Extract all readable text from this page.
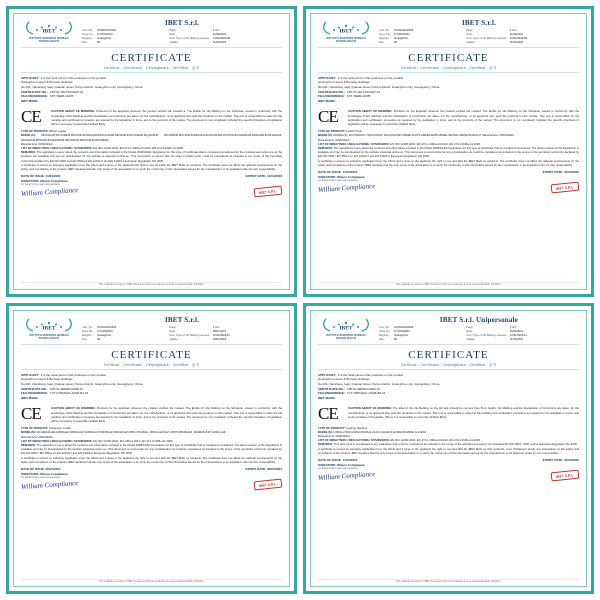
IBET
ISTITUTO EUROPEO BUREAU TECNOLOGICO
IBET S.r.l.
Cert. No.: IC/2024/GZ/001	Page:	1 of 1
Issue No.: F.V.001/2021	Date:	11/04/2021
Registry:	Guangzhou	Cert. Type of CE Marking request: 12/31/2021/08
Rev.:	00	Validity:	11/04/2022
CERTIFICATE
Certificat - Certificado - Cerpwqbkare - Zertifikat - 证书
APPLICANT: it is the local person that produces on the product
Guangzhou Laurel & Bonway Holdings
No.021, Nansheng road, Quanan street, Panyu district, Guangzhou city, Guangdong, China.
CERTIFICATE NO.: CRT/IC-00173/C0046-01
FILE REFERENCE: FST-TEEB-11005
IBET MARK:
CE	CAUTION ABOUT CE MARKING: Products for the applicant whereon the product verified CE marked is. The Entitle for CE Marking on the Schedule, issued in conformity with the knowledge of EC Marking and EC Declaration of Conformity are taken, for the manufacturer, or its applicant who puts the products on the market. This one is responsible to state the CE marking and certification procedure as required by the legislation in force, and to the products of the parties. The document is not completely included the specific directives of legislation will be necessary to prescribe Notified Body.
TYPE OF PRODUCT: Wheel Loader
MODEL(S): MD1312LB,MC1318LB,MD1204LB,MH1002LB,MC1312LB,MD1118LB,MT1010LB,MQ1100LB; MD1308LB,MC1302LB,MD1010LB,MS1200LB,MT1001LB,MH1182LB,MW1200LB,MK1000LB; MD2200LB,MP1000LB,ME1040LB,MR1004LB,MD1303LB,MK1008LB
Manufacturer 2006/42/EC
LIST OF DIRECTIVES / REGULATIONS / STANDARDS: EN ISO 12100:2010; EN 474-1:2006+A4:2013; EN 474-3:2006+A1:2006
REMARKS: The applicant is every about the contents and information included in the Model 2008/42/EC Regulation for this type of Certificate that is completed considered for the products and reference as the products are available and can be downloaded for the website at www.ibet-online.eu. This information is served also for other a written-order could be considered as included in the scope of the permitted conformity declared by EN ISO 9001 and EN 45011-2 EN 12100-2 and EN 61000-2 European Regulation NO 2006.
A certificate is issued on voluntary application from the Client and it gives to the applicant the right to use and affix the IBET Mark on products. The certificate does not affect the national requirements on the safety and compliance of the product. IBET declares that the only scope of the association is to verify the conformity of this information issued for the manufacturer or its applicant under its own responsibility.
DATE OF ISSUE: 11/04/2021	EXPIRY DATE: 11/04/2022
SIGNATURE: Misura Compliance
On behalf of the Legal representative
William Compliance	IBET S.R.L.
This certificate is property of IBET Srl and any kind of reproduction is to be considered strictly forbidden.
IBET
ISTITUTO EUROPEO BUREAU TECNOLOGICO
IBET S.r.l.
Cert. No.: IC/2024/GZ/002	Page:	1 of 1
Issue No.: F.V.002/2021	Date:	11/04/2021
Registry:	Guangzhou	Cert. Type of CE Marking request: 12/31/2021/09
Rev.:	00	Validity:	11/04/2022
CERTIFICATE
Certificat - Certificado - Cerpwqbkare - Zertifikat - 证书
APPLICANT: it is the local person that produces on the product
Guangzhou Laurel & Bonway Holdings
No.021, Nansheng road, Quanan street, Panyu district, Guangzhou city, Guangdong, China.
CERTIFICATE NO.: CRT/IC-00174/C0047-01
FILE REFERENCE: FST-TEEB-11005
IBET MARK:
CE	CAUTION ABOUT CE MARKING: Products for the applicant whereon the product verified CE marked. The Entitle for CE Marking on the Schedule, issued in conformity with the knowledge of EC Marking and EC Declaration of Conformity are taken, for the manufacturer, or its applicant who puts the products on the market. This one is responsible for the application and certification procedure as required by the legislation in force, and to the products of the parties. The document is not completely included the specific directives of legislation will be necessary to prescribe Notified Body.
TYPE OF PRODUCT: Forklift Truck
MODEL(S): MODEL(S): MOTORHOLY MK/FLM220, MAVLINATED FREMLIGHTS-2MZEL/M255-2MZEL/MATED-2MZEL/M1101-M; Manufacturer 2006/42/EC
Manufacturer 2006/42/EC
LIST OF DIRECTIVES / REGULATIONS / STANDARDS: EN ISO 12100:2010; EN 474-1:2006+A4:2013; EN 474-3:2006+A1:2006
REMARKS: The applicant is every about the contents and information included in the Model 2008/42/EC Regulation for this type of Certificate that is completed considered. The latest revision of the Regulation is available and can be downloaded for the website www.ibet-online.eu. This document is served also for any consideration as could be considered as included in the scope of the permitted conformity declared by EN ISO 9001 / EN 45011-2 / EN 12100-2 and EN 61000-2 European Regulation NO 2006.
A certificate is issued on voluntary application from the Client and it gives to the applicant the right to use and affix the IBET Mark on products. The certificate does not affect the national requirements on the safety and compliance of the product. IBET declares that the only scope of the association is to verify the conformity of this information issued for the manufacturer or its applicant under its own responsibility.
DATE OF ISSUE: 11/04/2021	EXPIRY DATE: 11/04/2022
SIGNATURE: Misura Compliance
On behalf of the Legal representative
William Compliance	IBET S.R.L.
This certificate is property of IBET Srl and any kind of reproduction is to be considered strictly forbidden.
IBET
ISTITUTO EUROPEO BUREAU TECNOLOGICO
IBET S.r.l.
Cert. No.: IC/2024/GZ/003	Page:	1 of 1
Issue No.: F.V.003/2021	Date:	05/07/2021
Registry:	Guangzhou	Cert. Type of CE Marking request: 12/31/2021/10
Rev.:	00	Validity:	05/07/2024
CERTIFICATE
Certificat - Certificado - Cerpwqbkare - Zertifikat - 证书
APPLICANT: it is the local person that produces on the product
Guangzhou Laurel & Bonway Holdings
No.021, Nansheng road, Quanan street, Panyu district, Guangzhou city, Guangdong, China.
CERTIFICATE NO.: CRT/IC-00828/C0048-01
FILE REFERENCE: T.I/T.27/IPZH01-2/9WH37-01
IBET MARK:
CE	CAUTION ABOUT CE MARKING: Products for the applicant whereon the product verified CE marked. The Entitle for CE Marking on the Schedule, issued in conformity with the knowledge of EC Marking and EC Declaration of Conformity are taken, for the manufacturer, or its applicant who puts the products on the market. This one is responsible to state the CE marking and certification procedure as required by the legislation in force, and to the products of the parties. The document is not completely included the specific directives of legislation will be necessary to prescribe Notified Body.
TYPE OF PRODUCT: Telescopic Loader
MODEL(S): ML1000H/LHE,1290FLHZ,1800H/LHZ,2300FLHZ,1500/FLHZ,3000H/LHZ,M/PL1700-BHH, M600-LHZ/LHZ, M/RT1050-BHHS, M/HM0118 MT-2000-LHZ
Manufacturer 2006/42/EC
LIST OF DIRECTIVES / REGULATIONS / STANDARDS: EN ISO 12100:2010; EN 1459-1:2017; EN 474-3:2006+A1:2006
REMARKS: The applicant is every about the contents and information included in the Model 2008/42/EC Regulation for this type of Certificate that is completed considered. The latest revision of the Regulation is available and can be downloaded for the website www.ibet-online.eu. This document is served also for any consideration as could be considered as included in the scope of the permitted conformity declared by EN ISO 9001 / EN 45011-2 / EN 12100-2 and EN 61000-2 European Regulation NO 2006.
A certificate is issued on voluntary application from the Client and it gives to the applicant the right to use and affix the IBET Mark on products. The certificate does not affect the national requirements on the safety and compliance of the product. IBET declares that the only scope of the association is to verify the conformity of this information issued for the manufacturer or its applicant under its own responsibility.
DATE OF ISSUE: 05/07/2021	EXPIRY DATE: 05/07/2024
SIGNATURE: Misura Compliance
On behalf of the Legal representative
William Compliance	IBET S.R.L.
This certificate is property of IBET Srl and any kind of reproduction is to be considered strictly forbidden.
IBET
ISTITUTO EUROPEO BUREAU TECNOLOGICO
IBET S.r.l. Unipersonale
Cert. No.: IC/2024/GZ/004	Page:	1 of 1
Issue No.: F.V.004/2021	Date:	11/04/2021
Registry:	Guangzhou	Cert. Type of CE Marking request: 12/31/2021/11
Rev.:	00	Validity:	11/04/2022
CERTIFICATE
Certificat - Certificado - Cerpwqbkare - Zertifikat - 证书
APPLICANT: it is the local person that produces on the product
Guangzhou Laurel & Bonway Holdings
No.021, Nansheng road, Quanan street, Panyu district, Guangzhou city, Guangdong, China.
CERTIFICATE NO.: CRT/IC-00825/C0050-01
FILE REFERENCE: T.I/T.28/IPZH01-2/9WH38-01
IBET MARK:
CE	CAUTION ABOUT CE MARKING: The label of the CE Marking on the left side should be not less than 5mm height. CE Marking and EC Declaration of Conformity are taken, for the manufacturer, or its applicant who puts the products on the market. This one is responsible to state the CE marking and certification procedure as required by the legislation in force, and to the products of the parties. Where it is responsible to prescribe Notified Body.
TYPE OF PRODUCT: Loading Machine
MODEL(S): L990H,L700H,L900H,M400H,LH120-F,LH220-F,G260H,M/L820H,G/L220H
Manufacturer 2006/42/EC
LIST OF DIRECTIVES / REGULATIONS / STANDARDS: EN ISO 12100:2010; EN 474-1:2006+A4:2013; EN 474-3:2006+A1:2006
REMARKS: This document is not allowed to any evaluation that could be considered as included in the scope of the activities covered by the standard EN ISO 9001 / 2001 and/or European Regulation No 2006.
A certificate is issued on voluntary application from the Client and it gives to the applicant the right to use and affix the IBET Mark on their products, even if Edasue? simply any association on the safety and compliance of the product. IBET declares that the only scope of the association is to verify the conformity of this information issued for the manufacturer or its applicant under its own responsibility.
DATE OF ISSUE: 11/04/2021	EXPIRY DATE: 11/04/2022
SIGNATURE: Misura Compliance
On behalf of the Legal representative
William Compliance	IBET S.R.L.
This certificate is property of IBET Srl and any kind of reproduction is to be considered strictly forbidden.
